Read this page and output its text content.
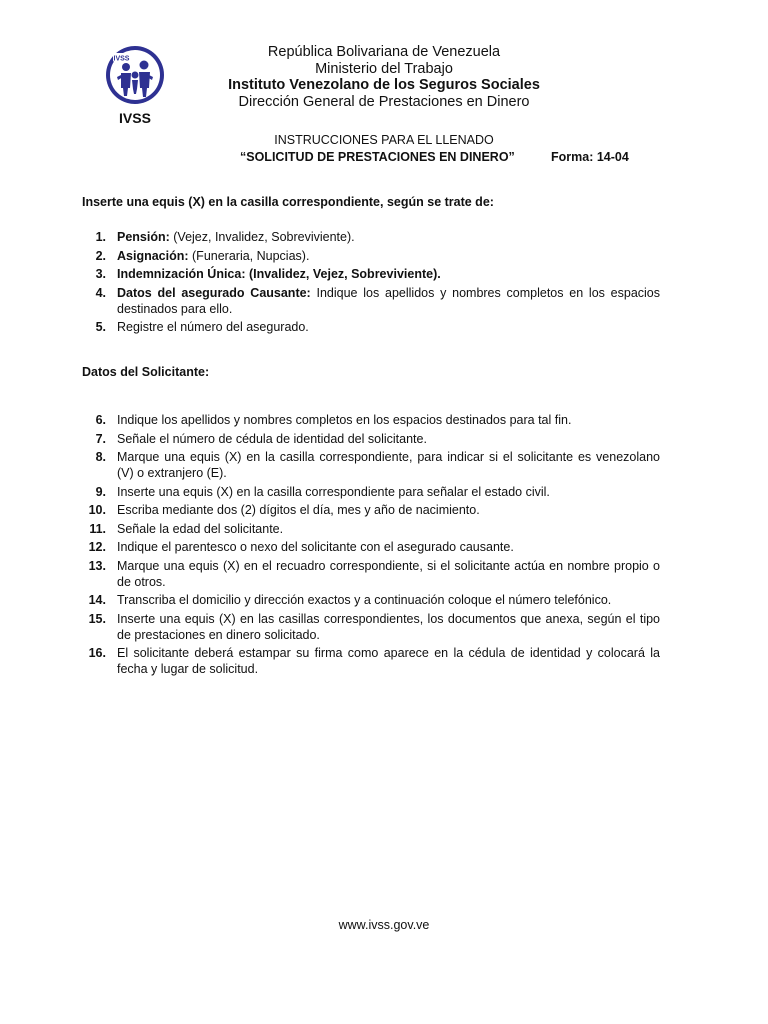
IVSS
IVSS
República Bolivariana de Venezuela
Ministerio del Trabajo
Instituto Venezolano de los Seguros Sociales
Dirección General de Prestaciones en Dinero
INSTRUCCIONES PARA EL LLENADO
“SOLICITUD DE PRESTACIONES EN DINERO”	Forma: 14-04
Inserte una equis (X) en la casilla correspondiente, según se trate de:
1. Pensión: (Vejez, Invalidez, Sobreviviente).
2. Asignación: (Funeraria, Nupcias).
3. Indemnización Única: (Invalidez, Vejez, Sobreviviente).
4. Datos del asegurado Causante: Indique los apellidos y nombres completos en los espacios destinados para ello.
5. Registre el número del asegurado.
Datos del Solicitante:
6. Indique los apellidos y nombres completos en los espacios destinados para tal fin.
7. Señale el número de cédula de identidad del solicitante.
8. Marque una equis (X) en la casilla correspondiente, para indicar si el solicitante es venezolano (V) o extranjero (E).
9. Inserte una equis (X) en la casilla correspondiente para señalar el estado civil.
10. Escriba mediante dos (2) dígitos el día, mes y año de nacimiento.
11. Señale la edad del solicitante.
12. Indique el parentesco o nexo del solicitante con el asegurado causante.
13. Marque una equis (X) en el recuadro correspondiente, si el solicitante actúa en nombre propio o de otros.
14. Transcriba el domicilio y dirección exactos y a continuación coloque el número telefónico.
15. Inserte una equis (X) en las casillas correspondientes, los documentos que anexa, según el tipo de prestaciones en dinero solicitado.
16. El solicitante deberá estampar su firma como aparece en la cédula de identidad y colocará la fecha y lugar de solicitud.
www.ivss.gov.ve
